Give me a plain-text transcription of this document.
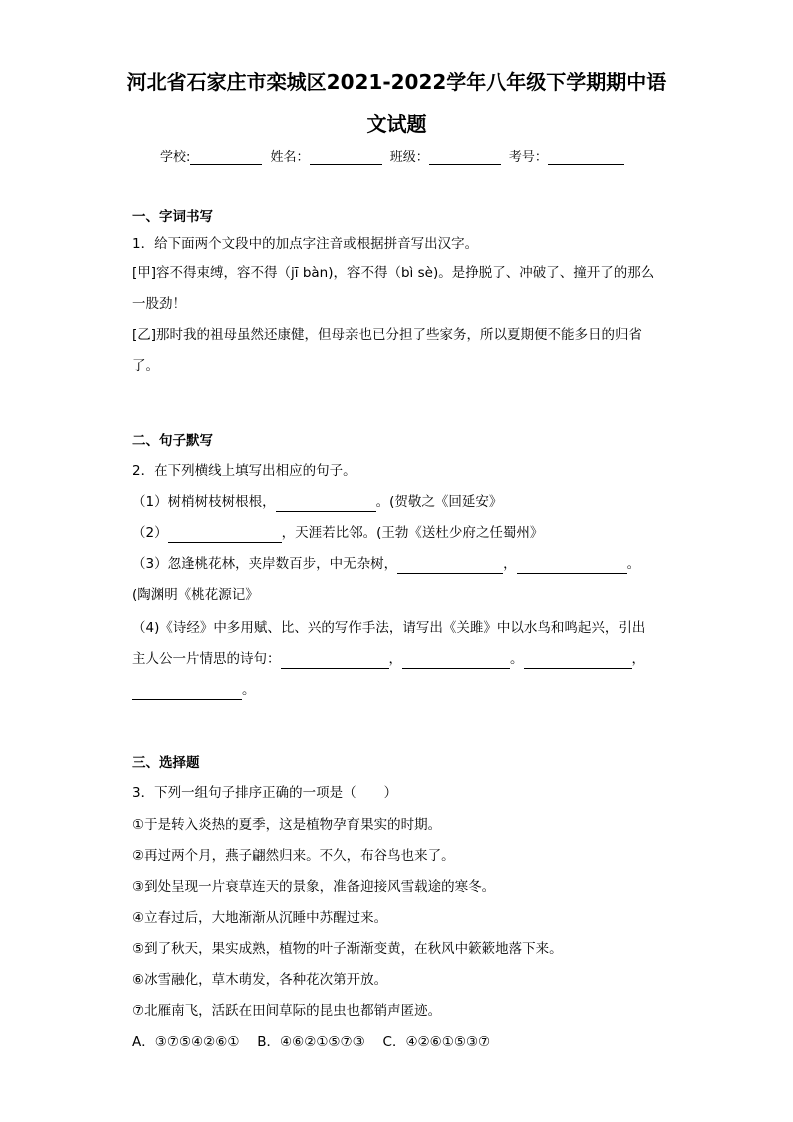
河北省石家庄市栾城区2021-2022学年八年级下学期期中语
文试题
学校:	姓名：	班级：	考号：
一、字词书写
1．给下面两个文段中的加点字注音或根据拼音写出汉字。
[甲]容不得束缚，容不得（jī bàn)，容不得（bì sè)。是挣脱了、冲破了、撞开了的那么
一股劲！
[乙]那时我的祖母虽然还康健，但母亲也已分担了些家务，所以夏期便不能多日的归省
了。
二、句子默写
2．在下列横线上填写出相应的句子。
（1）树梢树枝树根根，	。(贺敬之《回延安》
（2）	，天涯若比邻。(王勃《送杜少府之任蜀州》
（3）忽逢桃花林，夹岸数百步，中无杂树，	，	。
(陶渊明《桃花源记》
（4)《诗经》中多用赋、比、兴的写作手法，请写出《关雎》中以水鸟和鸣起兴，引出
主人公一片情思的诗句：	，	。	，
。
三、选择题
3．下列一组句子排序正确的一项是（　　）
①于是转入炎热的夏季，这是植物孕育果实的时期。
②再过两个月，燕子翩然归来。不久，布谷鸟也来了。
③到处呈现一片衰草连天的景象，准备迎接风雪载途的寒冬。
④立春过后，大地渐渐从沉睡中苏醒过来。
⑤到了秋天，果实成熟，植物的叶子渐渐变黄，在秋风中簌簌地落下来。
⑥冰雪融化，草木萌发，各种花次第开放。
⑦北雁南飞，活跃在田间草际的昆虫也都销声匿迹。
A．③⑦⑤④②⑥①　 B．④⑥②①⑤⑦③　 C．④②⑥①⑤③⑦
